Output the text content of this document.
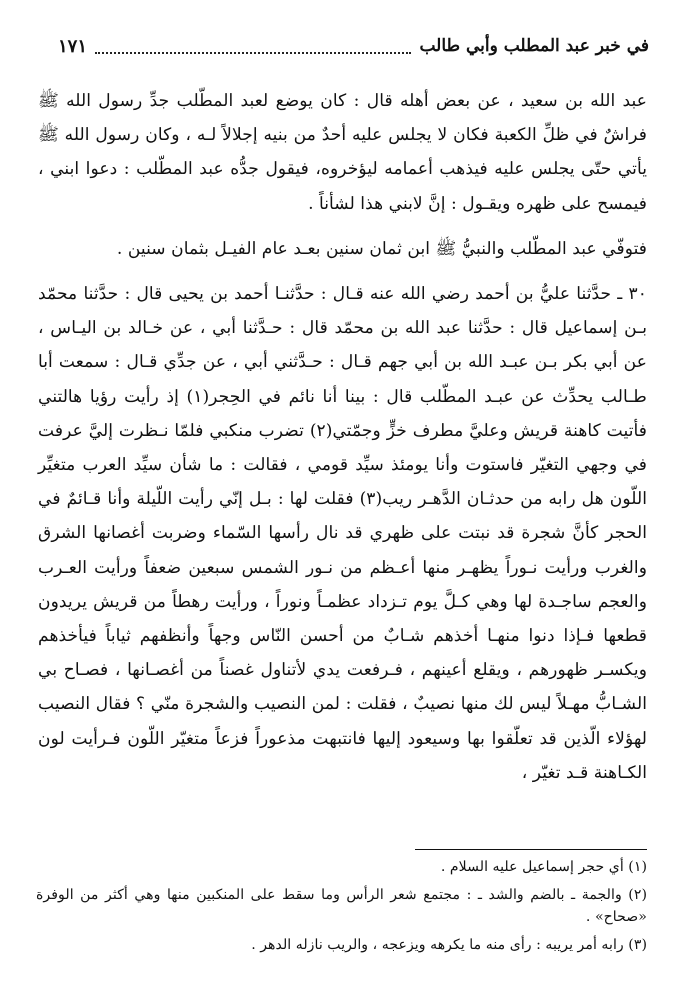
في خبر عبد المطلب وأبي طالب
١٧١

عبد الله بن سعيد ، عن بعض أهله قال : كان يوضع لعبد المطّلب جدِّ رسول الله ﷺ فراشٌ في ظلِّ الكعبة فكان لا يجلس عليه أحدٌ من بنيه إجلالاً لـه ، وكان رسول الله ﷺ يأتي حتّى يجلس عليه فيذهب أعمامه ليؤخروه، فيقول جدُّه عبد المطّلب : دعوا ابني ، فيمسح على ظهره ويقـول : إنَّ لابني هذا لشأناً .

فتوفّي عبد المطّلب والنبيُّ ﷺ ابن ثمان سنين بعـد عام الفيـل بثمان سنين .

٣٠ ـ حدَّثنا عليُّ بن أحمد رضي الله عنه قـال : حدَّثنـا أحمد بن يحيى قال : حدَّثنا محمّد بـن إسماعيل قال : حدَّثنا عبد الله بن محمّد قال : حـدَّثنا أبي ، عن خـالد بن اليـاس ، عن أبي بكر بـن عبـد الله بن أبي جهم قـال : حـدَّثني أبي ، عن جدِّي قـال : سمعت أبا طـالب يحدِّث عن عبـد المطّلب قال : بينا أنا نائم في الحِجر(١) إذ رأيت رؤيا هالتني فأتيت كاهنة قريش وعليَّ مطرف خزٍّ وجمّتي(٢) تضرب منكبي فلمّا نـظرت إليَّ عرفت في وجهي التغيّر فاستوت وأنا يومئذ سيِّد قومي ، فقالت : ما شأن سيِّد العرب متغيِّر اللّون هل رابه من حدثـان الدَّهـر ريب(٣) فقلت لها : بـل إنّي رأيت اللّيلة وأنا قـائمٌ في الحجر كأنَّ شجرة قد نبتت على ظهري قد نال رأسها السّماء وضربت أغصانها الشرق والغرب ورأيت نـوراً يظهـر منها أعـظم من نـور الشمس سبعين ضعفاً ورأيت العـرب والعجم ساجـدة لها وهي كـلَّ يوم تـزداد عظمـاً ونوراً ، ورأيت رهطاً من قريش يريدون قطعها فـإذا دنوا منهـا أخذهم شـابٌ من أحسن النّاس وجهاً وأنظفهم ثياباً فيأخذهم ويكسـر ظهورهم ، ويقلع أعينهم ، فـرفعت يدي لأتناول غصناً من أغصـانها ، فصـاح بي الشـابُّ مهـلاً ليس لك منها نصيبٌ ، فقلت : لمن النصيب والشجرة منّي ؟ فقال النصيب لهؤلاء الّذين قد تعلّقوا بها وسيعود إليها فانتبهت مذعوراً فزعاً متغيّر اللّون فـرأيت لون الكـاهنة قـد تغيّر ،

(١) أي حجر إسماعيل عليه السلام .

(٢) والجمة ـ بالضم والشد ـ : مجتمع شعر الرأس وما سقط على المنكبين منها وهي أكثر من الوفرة «صحاح» .

(٣) رابه أمر يريبه : رأى منه ما يكرهه ويزعجه ، والريب نازله الدهر .
